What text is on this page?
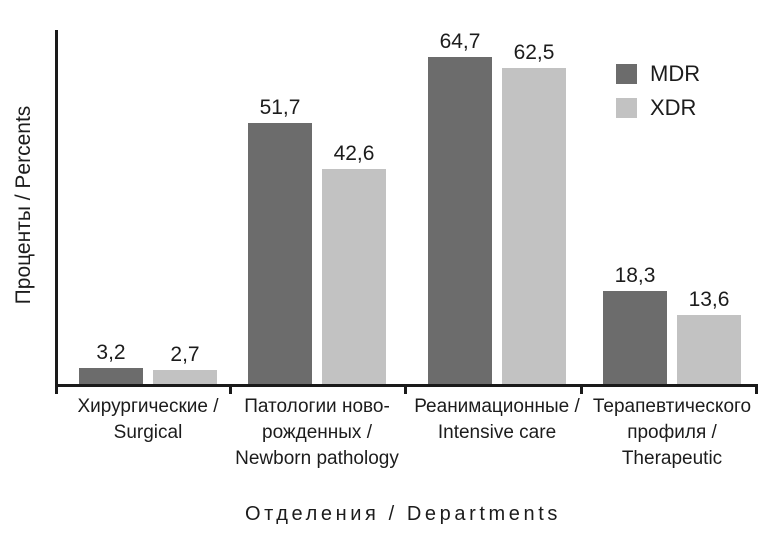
Проценты / Percents
3,2 2,7
51,7
42,6
64,7 62,5
18,3
13,6
Хирургические /
Surgical
Патологии ново-
рожденных /
Newborn pathology
Реанимационные /
Intensive care
Терапевтического
профиля /
Therapeutic
MDR
XDR
Отделения / Departments
